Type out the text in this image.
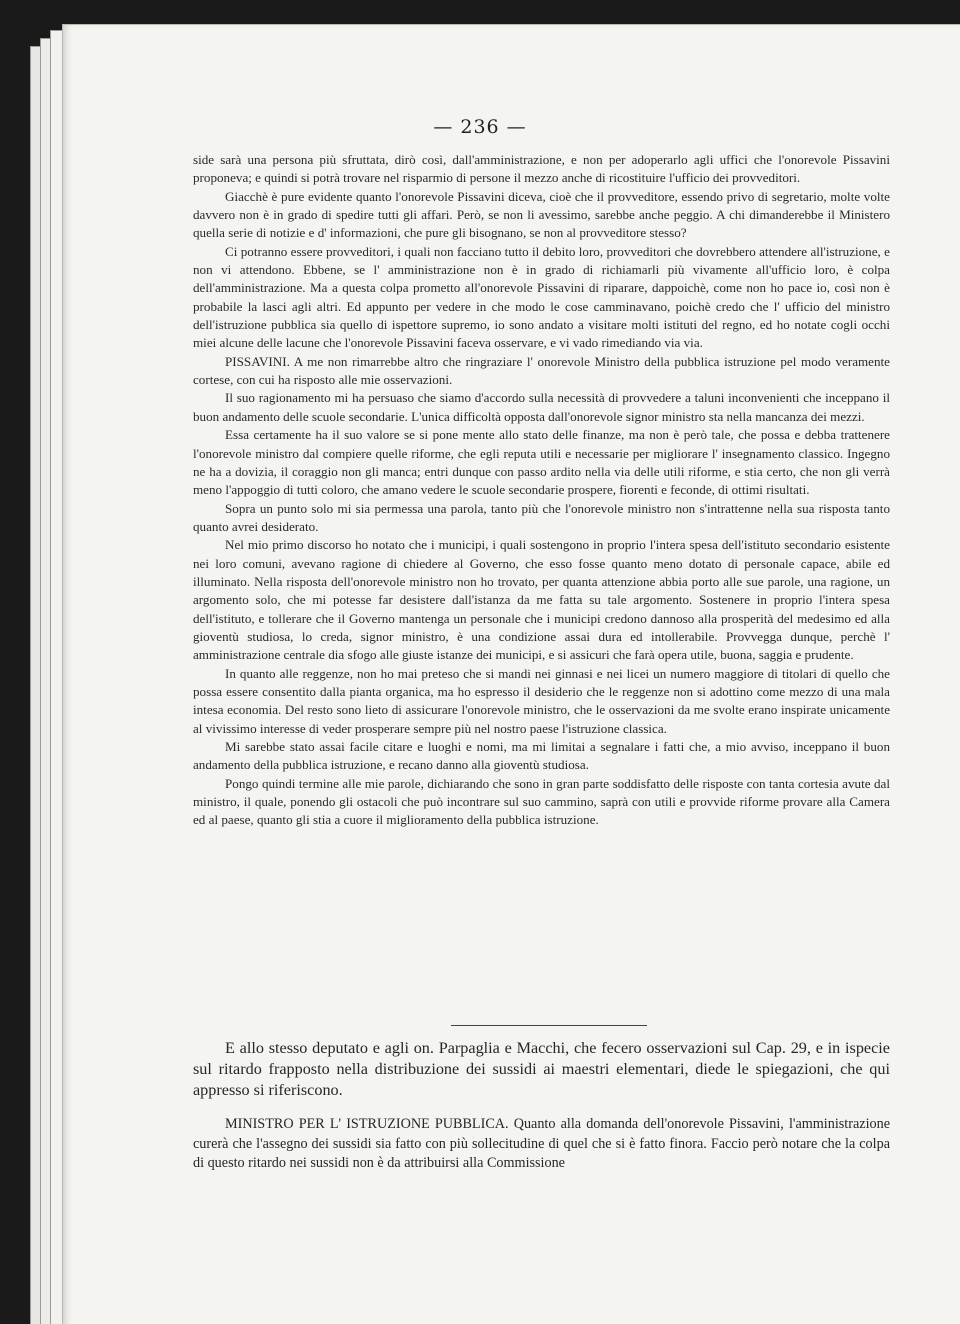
— 236 —

side sarà una persona più sfruttata, dirò così, dall'amministrazione, e non per adoperarlo agli uffici che l'onorevole Pissavini proponeva; e quindi si potrà trovare nel risparmio di persone il mezzo anche di ricostituire l'ufficio dei provveditori.

Giacchè è pure evidente quanto l'onorevole Pissavini diceva, cioè che il provveditore, essendo privo di segretario, molte volte davvero non è in grado di spedire tutti gli affari. Però, se non li avessimo, sarebbe anche peggio. A chi dimanderebbe il Ministero quella serie di notizie e d' informazioni, che pure gli bisognano, se non al provveditore stesso?

Ci potranno essere provveditori, i quali non facciano tutto il debito loro, provveditori che dovrebbero attendere all'istruzione, e non vi attendono. Ebbene, se l' amministrazione non è in grado di richiamarli più vivamente all'ufficio loro, è colpa dell'amministrazione. Ma a questa colpa prometto all'onorevole Pissavini di riparare, dappoichè, come non ho pace io, così non è probabile la lasci agli altri. Ed appunto per vedere in che modo le cose camminavano, poichè credo che l' ufficio del ministro dell'istruzione pubblica sia quello di ispettore supremo, io sono andato a visitare molti istituti del regno, ed ho notate cogli occhi miei alcune delle lacune che l'onorevole Pissavini faceva osservare, e vi vado rimediando via via.

PISSAVINI. A me non rimarrebbe altro che ringraziare l' onorevole Ministro della pubblica istruzione pel modo veramente cortese, con cui ha risposto alle mie osservazioni.

Il suo ragionamento mi ha persuaso che siamo d'accordo sulla necessità di provvedere a taluni inconvenienti che inceppano il buon andamento delle scuole secondarie. L'unica difficoltà opposta dall'onorevole signor ministro sta nella mancanza dei mezzi.

Essa certamente ha il suo valore se si pone mente allo stato delle finanze, ma non è però tale, che possa e debba trattenere l'onorevole ministro dal compiere quelle riforme, che egli reputa utili e necessarie per migliorare l' insegnamento classico. Ingegno ne ha a dovizia, il coraggio non gli manca; entri dunque con passo ardito nella via delle utili riforme, e stia certo, che non gli verrà meno l'appoggio di tutti coloro, che amano vedere le scuole secondarie prospere, fiorenti e feconde, di ottimi risultati.

Sopra un punto solo mi sia permessa una parola, tanto più che l'onorevole ministro non s'intrattenne nella sua risposta tanto quanto avrei desiderato.

Nel mio primo discorso ho notato che i municipi, i quali sostengono in proprio l'intera spesa dell'istituto secondario esistente nei loro comuni, avevano ragione di chiedere al Governo, che esso fosse quanto meno dotato di personale capace, abile ed illuminato. Nella risposta dell'onorevole ministro non ho trovato, per quanta attenzione abbia porto alle sue parole, una ragione, un argomento solo, che mi potesse far desistere dall'istanza da me fatta su tale argomento. Sostenere in proprio l'intera spesa dell'istituto, e tollerare che il Governo mantenga un personale che i municipi credono dannoso alla prosperità del medesimo ed alla gioventù studiosa, lo creda, signor ministro, è una condizione assai dura ed intollerabile. Provvegga dunque, perchè l' amministrazione centrale dia sfogo alle giuste istanze dei municipi, e si assicuri che farà opera utile, buona, saggia e prudente.

In quanto alle reggenze, non ho mai preteso che si mandi nei ginnasi e nei licei un numero maggiore di titolari di quello che possa essere consentito dalla pianta organica, ma ho espresso il desiderio che le reggenze non si adottino come mezzo di una mala intesa economia. Del resto sono lieto di assicurare l'onorevole ministro, che le osservazioni da me svolte erano inspirate unicamente al vivissimo interesse di veder prosperare sempre più nel nostro paese l'istruzione classica.

Mi sarebbe stato assai facile citare e luoghi e nomi, ma mi limitai a segnalare i fatti che, a mio avviso, inceppano il buon andamento della pubblica istruzione, e recano danno alla gioventù studiosa.

Pongo quindi termine alle mie parole, dichiarando che sono in gran parte soddisfatto delle risposte con tanta cortesia avute dal ministro, il quale, ponendo gli ostacoli che può incontrare sul suo cammino, saprà con utili e provvide riforme provare alla Camera ed al paese, quanto gli stia a cuore il miglioramento della pubblica istruzione.

E allo stesso deputato e agli on. Parpaglia e Macchi, che fecero osservazioni sul Cap. 29, e in ispecie sul ritardo frapposto nella distribuzione dei sussidi ai maestri elementari, diede le spiegazioni, che qui appresso si riferiscono.

MINISTRO PER L' ISTRUZIONE PUBBLICA. Quanto alla domanda dell'onorevole Pissavini, l'amministrazione curerà che l'assegno dei sussidi sia fatto con più sollecitudine di quel che si è fatto finora. Faccio però notare che la colpa di questo ritardo nei sussidi non è da attribuirsi alla Commissione
